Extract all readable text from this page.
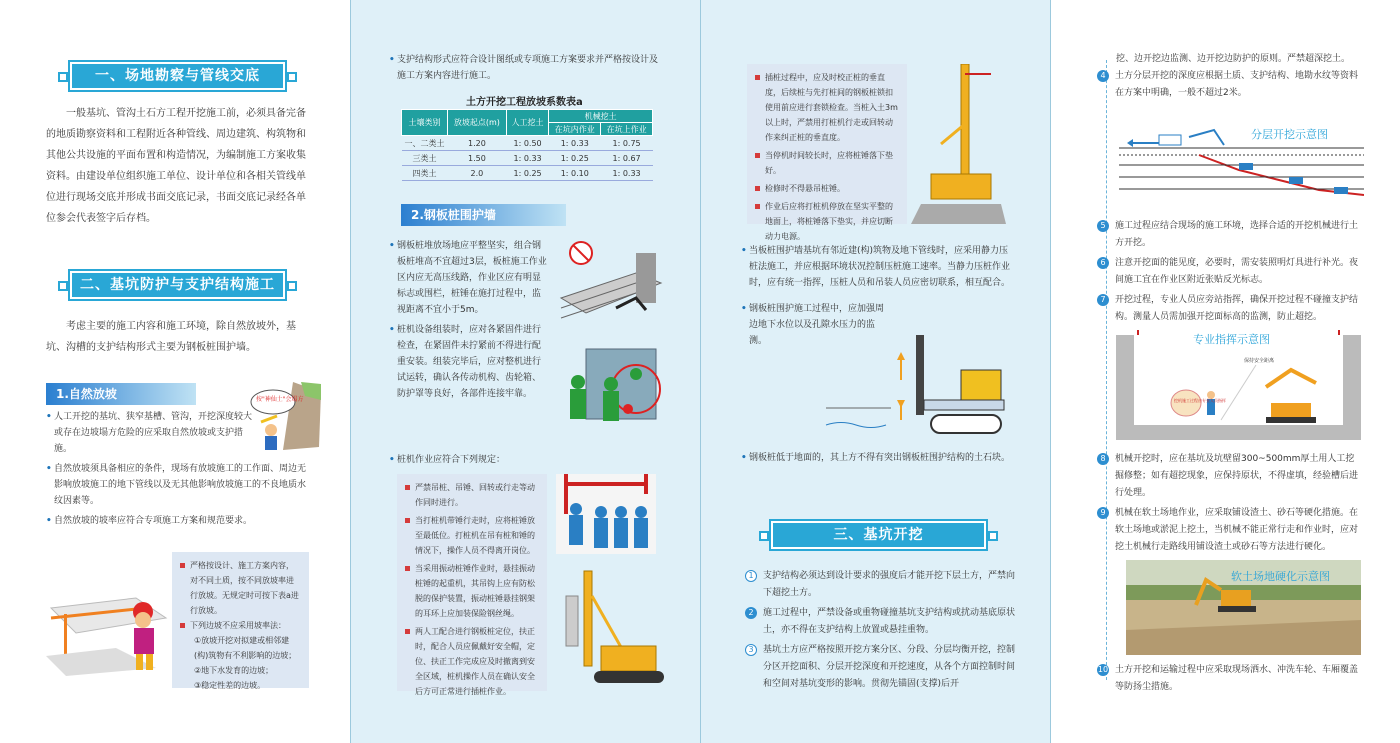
一、场地勘察与管线交底
一般基坑、管沟土石方工程开挖施工前，必须具备完备的地质勘察资料和工程附近各种管线、周边建筑、构筑物和其他公共设施的平面布置和构造情况，为编制施工方案收集资料。由建设单位组织施工单位、设计单位和各相关管线单位进行现场交底并形成书面交底记录，书面交底记录经各单位参会代表签字后存档。
二、基坑防护与支护结构施工
考虑主要的施工内容和施工环境，除自然放坡外，基坑、沟槽的支护结构形式主要为钢板桩围护墙。
1.自然放坡	按"神仙土"会塌方
• 人工开挖的基坑、狭窄基槽、管沟，开挖深度较大或存在边坡塌方危险的应采取自然放坡或支护措施。
• 自然放坡须具备相应的条件，现场有放坡施工的工作面、周边无影响放坡施工的地下管线以及无其他影响放坡施工的不良地质水纹因素等。
• 自然放坡的坡率应符合专项施工方案和规范要求。
严格按设计、施工方案内容，对不同土质，按不同放坡率进行放坡。无规定时可按下表a进行放坡。
下列边坡不应采用坡率法：
①放坡开挖对拟建或相邻建(构)筑物有不利影响的边坡；
②地下水发育的边坡；
③稳定性差的边坡。
• 支护结构形式应符合设计图纸或专项施工方案要求并严格按设计及施工方案内容进行施工。
土方开挖工程放坡系数表a
土壤类别	放坡起点(m)	人工挖土	机械挖土	
			在坑内作业	在坑上作业
一、二类土	1.20	1: 0.50	1: 0.33	1: 0.75
三类土	1.50	1: 0.33	1: 0.25	1: 0.67
四类土	2.0	1: 0.25	1: 0.10	1: 0.33
2.钢板桩围护墙
• 钢板桩堆放场地应平整坚实，组合钢板桩堆高不宜超过3层，板桩施工作业区内应无高压线路，作业区应有明显标志或围栏，桩锤在施打过程中，监视距离不宜小于5m。
• 桩机设备组装时，应对各紧固件进行检查，在紧固件未拧紧前不得进行配重安装。组装完毕后，应对整机进行试运转，确认各传动机构、齿轮箱、防护罩等良好，各部件连接牢靠。
• 桩机作业应符合下列规定：
严禁吊桩、吊锤、回转或行走等动作同时进行。
当打桩机带锤行走时，应将桩锤放至最低位。打桩机在吊有桩和锤的情况下，操作人员不得离开岗位。
当采用振动桩锤作业时，悬挂振动桩锤的起重机，其吊钩上应有防松脱的保护装置，振动桩锤悬挂钢架的耳环上应加装保险钢丝绳。
两人工配合进行钢板桩定位，扶正时，配合人员应佩戴好安全帽，定位、扶正工作完成应及时撤离到安全区域，桩机操作人员在确认安全后方可正常进行插桩作业。
插桩过程中，应及时校正桩的垂直度，后续桩与先打桩间的钢板桩锁扣使用前应进行套锁检查。当桩入土3m以上时，严禁用打桩机行走或回转动作来纠正桩的垂直度。
当停机时间较长时，应将桩锤落下垫好。
检修时不得悬吊桩锤。
作业后应将打桩机停放在坚实平整的地面上，将桩锤落下垫实，并应切断动力电源。
• 当板桩围护墙基坑有邻近建(构)筑物及地下管线时，应采用静力压桩法施工，并应根据环境状况控制压桩施工速率。当静力压桩作业时，应有统一指挥，压桩人员和吊装人员应密切联系，相互配合。
• 钢板桩围护施工过程中，应加强周边地下水位以及孔隙水压力的监测。
• 钢板桩低于地面的，其上方不得有突出钢板桩围护结构的土石块。
三、基坑开挖
1	支护结构必须达到设计要求的强度后才能开挖下层土方，严禁向下超挖土方。
2	施工过程中，严禁设备或重物碰撞基坑支护结构或扰动基底原状土，亦不得在支护结构上放置或悬挂重物。
3	基坑土方应严格按照开挖方案分区、分段、分层均衡开挖，控制分区开挖面积、分层开挖深度和开挖速度，从各个方面控制时间和空间对基坑变形的影响。贯彻先锚固(支撑)后开
挖、边开挖边监测、边开挖边防护的原则。严禁超深挖土。
4	土方分层开挖的深度应根据土质、支护结构、地勘水纹等资料在方案中明确，一般不超过2米。
分层开挖示意图
5	施工过程应结合现场的施工环境，选择合适的开挖机械进行土方开挖。
6	注意开挖面的能见度，必要时，需安装照明灯具进行补光。夜间施工宜在作业区附近张贴反光标志。
7	开挖过程，专业人员应旁站指挥，确保开挖过程不碰撞支护结构。测量人员需加强开挖面标高的监测，防止超挖。
挖机施工过程由专业人员指挥
保持安全距离
专业指挥示意图
8	机械开挖时，应在基坑及坑壁留300~500mm厚土用人工挖掘修整；如有超挖现象，应保持原状，不得虚填，经验槽后进行处理。
9	机械在软土场地作业，应采取铺设渣土、砂石等硬化措施。在软土场地或淤泥上挖土，当机械不能正常行走和作业时，应对挖土机械行走路线用铺设渣土或砂石等方法进行硬化。
软土场地硬化示意图
10 土方开挖和运输过程中应采取现场洒水、冲洗车轮、车厢覆盖等防扬尘措施。
